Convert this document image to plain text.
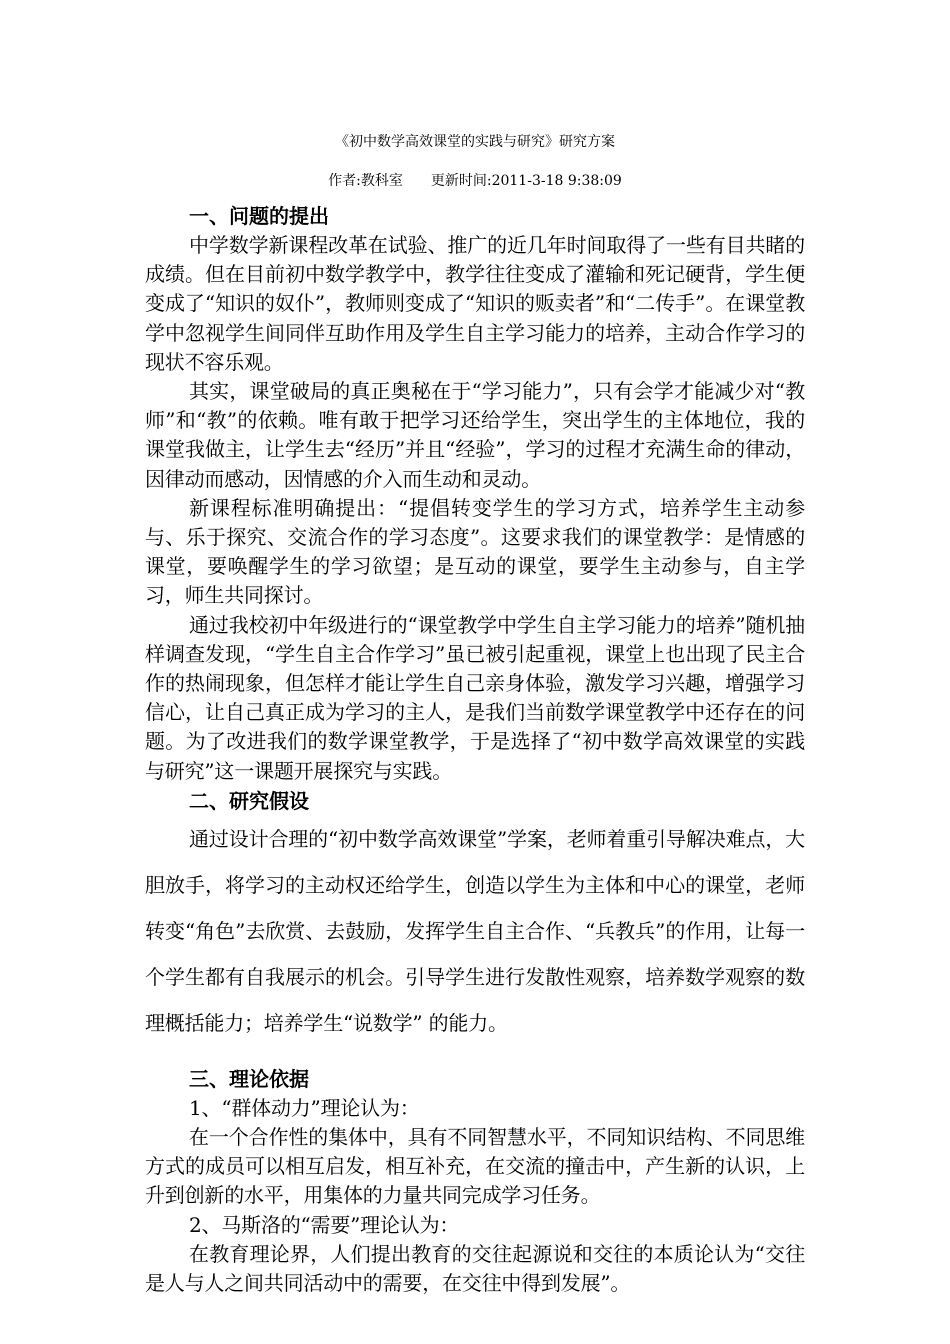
《初中数学高效课堂的实践与研究》研究方案
作者:教科室　　更新时间:2011-3-18 9:38:09
一、问题的提出

中学数学新课程改革在试验、推广的近几年时间取得了一些有目共睹的成绩。但在目前初中数学教学中，教学往往变成了灌输和死记硬背，学生便变成了“知识的奴仆”，教师则变成了“知识的贩卖者”和“二传手”。在课堂教学中忽视学生间同伴互助作用及学生自主学习能力的培养，主动合作学习的现状不容乐观。

其实，课堂破局的真正奥秘在于“学习能力”，只有会学才能减少对“教师”和“教”的依赖。唯有敢于把学习还给学生，突出学生的主体地位，我的课堂我做主，让学生去“经历”并且“经验”，学习的过程才充满生命的律动，因律动而感动，因情感的介入而生动和灵动。

新课程标准明确提出：“提倡转变学生的学习方式，培养学生主动参与、乐于探究、交流合作的学习态度”。这要求我们的课堂教学：是情感的课堂，要唤醒学生的学习欲望；是互动的课堂，要学生主动参与，自主学习，师生共同探讨。

通过我校初中年级进行的“课堂教学中学生自主学习能力的培养”随机抽样调查发现，“学生自主合作学习”虽已被引起重视，课堂上也出现了民主合作的热闹现象，但怎样才能让学生自己亲身体验，激发学习兴趣，增强学习信心，让自己真正成为学习的主人，是我们当前数学课堂教学中还存在的问题。为了改进我们的数学课堂教学，于是选择了“初中数学高效课堂的实践与研究”这一课题开展探究与实践。

二、研究假设

通过设计合理的“初中数学高效课堂”学案，老师着重引导解决难点，大胆放手，将学习的主动权还给学生，创造以学生为主体和中心的课堂，老师转变“角色”去欣赏、去鼓励，发挥学生自主合作、“兵教兵”的作用，让每一个学生都有自我展示的机会。引导学生进行发散性观察，培养数学观察的数理概括能力；培养学生“说数学” 的能力。

三、理论依据

1、“群体动力”理论认为：

在一个合作性的集体中，具有不同智慧水平，不同知识结构、不同思维方式的成员可以相互启发，相互补充，在交流的撞击中，产生新的认识，上升到创新的水平，用集体的力量共同完成学习任务。

2、马斯洛的“需要”理论认为：

在教育理论界，人们提出教育的交往起源说和交往的本质论认为“交往是人与人之间共同活动中的需要，在交往中得到发展”。
